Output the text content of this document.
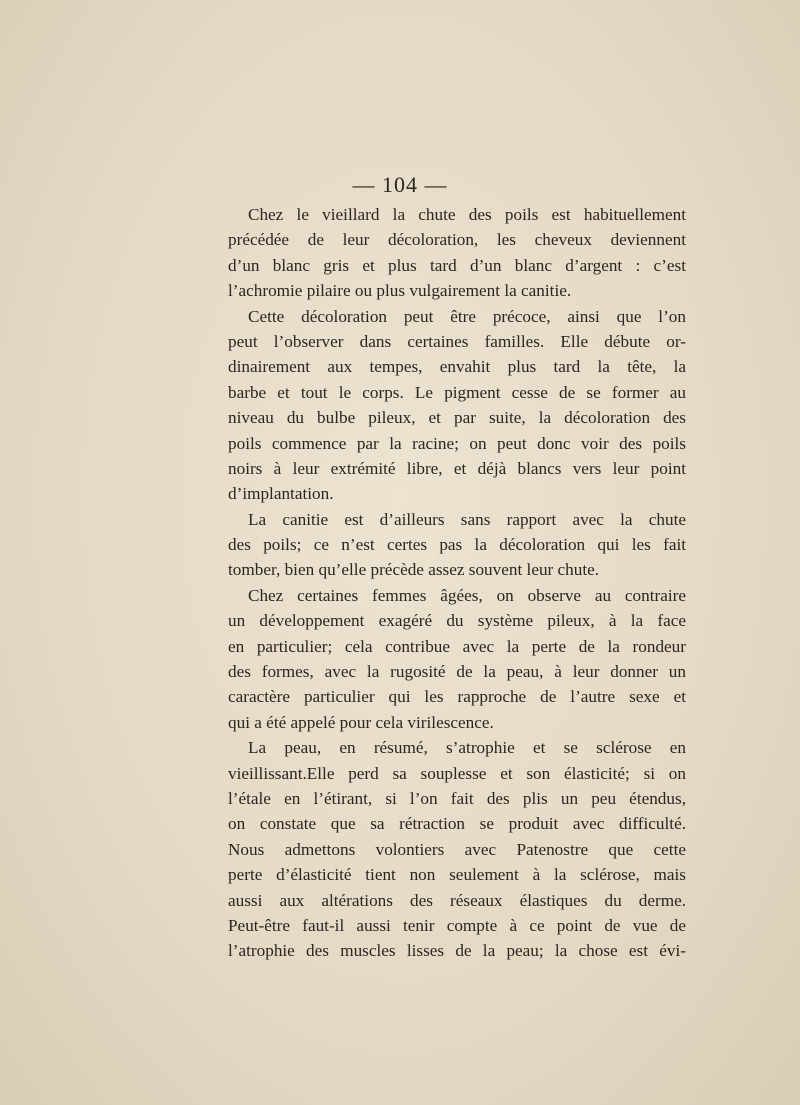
— 104 —
Chez le vieillard la chute des poils est habituellement
précédée de leur décoloration, les cheveux deviennent
d’un blanc gris et plus tard d’un blanc d’argent : c’est
l’achromie pilaire ou plus vulgairement la canitie.
Cette décoloration peut être précoce, ainsi que l’on
peut l’observer dans certaines familles. Elle débute or-
dinairement aux tempes, envahit plus tard la tête, la
barbe et tout le corps. Le pigment cesse de se former au
niveau du bulbe pileux, et par suite, la décoloration des
poils commence par la racine; on peut donc voir des poils
noirs à leur extrémité libre, et déjà blancs vers leur point
d’implantation.
La canitie est d’ailleurs sans rapport avec la chute
des poils; ce n’est certes pas la décoloration qui les fait
tomber, bien qu’elle précède assez souvent leur chute.
Chez certaines femmes âgées, on observe au contraire
un développement exagéré du système pileux, à la face
en particulier; cela contribue avec la perte de la rondeur
des formes, avec la rugosité de la peau, à leur donner un
caractère particulier qui les rapproche de l’autre sexe et
qui a été appelé pour cela virilescence.
La peau, en résumé, s’atrophie et se sclérose en
vieillissant.Elle perd sa souplesse et son élasticité; si on
l’étale en l’étirant, si l’on fait des plis un peu étendus,
on constate que sa rétraction se produit avec difficulté.
Nous admettons volontiers avec Patenostre que cette
perte d’élasticité tient non seulement à la sclérose, mais
aussi aux altérations des réseaux élastiques du derme.
Peut-être faut-il aussi tenir compte à ce point de vue de
l’atrophie des muscles lisses de la peau; la chose est évi-
